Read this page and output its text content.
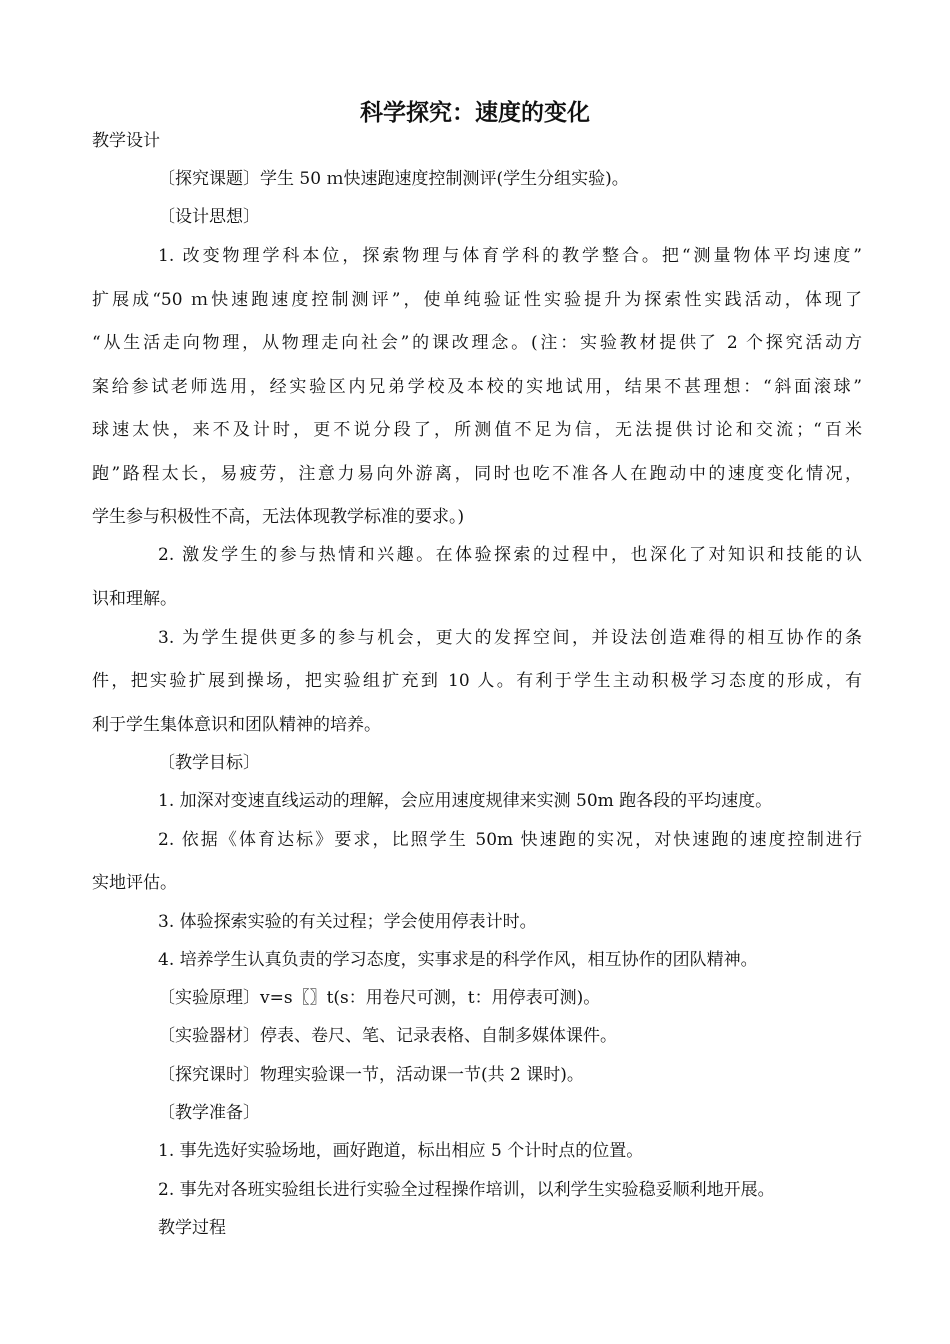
科学探究：速度的变化
教学设计
〔探究课题〕学生 50 ｍ快速跑速度控制测评(学生分组实验)。
〔设计思想〕
1. 改变物理学科本位，探索物理与体育学科的教学整合。把“测量物体平均速度”
扩展成“50 ｍ快速跑速度控制测评”，使单纯验证性实验提升为探索性实践活动，体现了
“从生活走向物理，从物理走向社会”的课改理念。(注：实验教材提供了 2 个探究活动方
案给参试老师选用，经实验区内兄弟学校及本校的实地试用，结果不甚理想：“斜面滚球”
球速太快，来不及计时，更不说分段了，所测值不足为信，无法提供讨论和交流；“百米
跑”路程太长，易疲劳，注意力易向外游离，同时也吃不准各人在跑动中的速度变化情况，
学生参与积极性不高，无法体现教学标准的要求。)
2. 激发学生的参与热情和兴趣。在体验探索的过程中，也深化了对知识和技能的认
识和理解。
3. 为学生提供更多的参与机会，更大的发挥空间，并设法创造难得的相互协作的条
件，把实验扩展到操场，把实验组扩充到 10 人。有利于学生主动积极学习态度的形成，有
利于学生集体意识和团队精神的培养。
〔教学目标〕
1. 加深对变速直线运动的理解，会应用速度规律来实测 50m 跑各段的平均速度。
2. 依据《体育达标》要求，比照学生 50m 快速跑的实况，对快速跑的速度控制进行
实地评估。
3. 体验探索实验的有关过程；学会使用停表计时。
4. 培养学生认真负责的学习态度，实事求是的科学作风，相互协作的团队精神。
〔实验原理〕v=s〖〗t(s：用卷尺可测，t：用停表可测)。
〔实验器材〕停表、卷尺、笔、记录表格、自制多媒体课件。
〔探究课时〕物理实验课一节，活动课一节(共 2 课时)。
〔教学准备〕
1. 事先选好实验场地，画好跑道，标出相应 5 个计时点的位置。
2. 事先对各班实验组长进行实验全过程操作培训，以利学生实验稳妥顺利地开展。
教学过程
